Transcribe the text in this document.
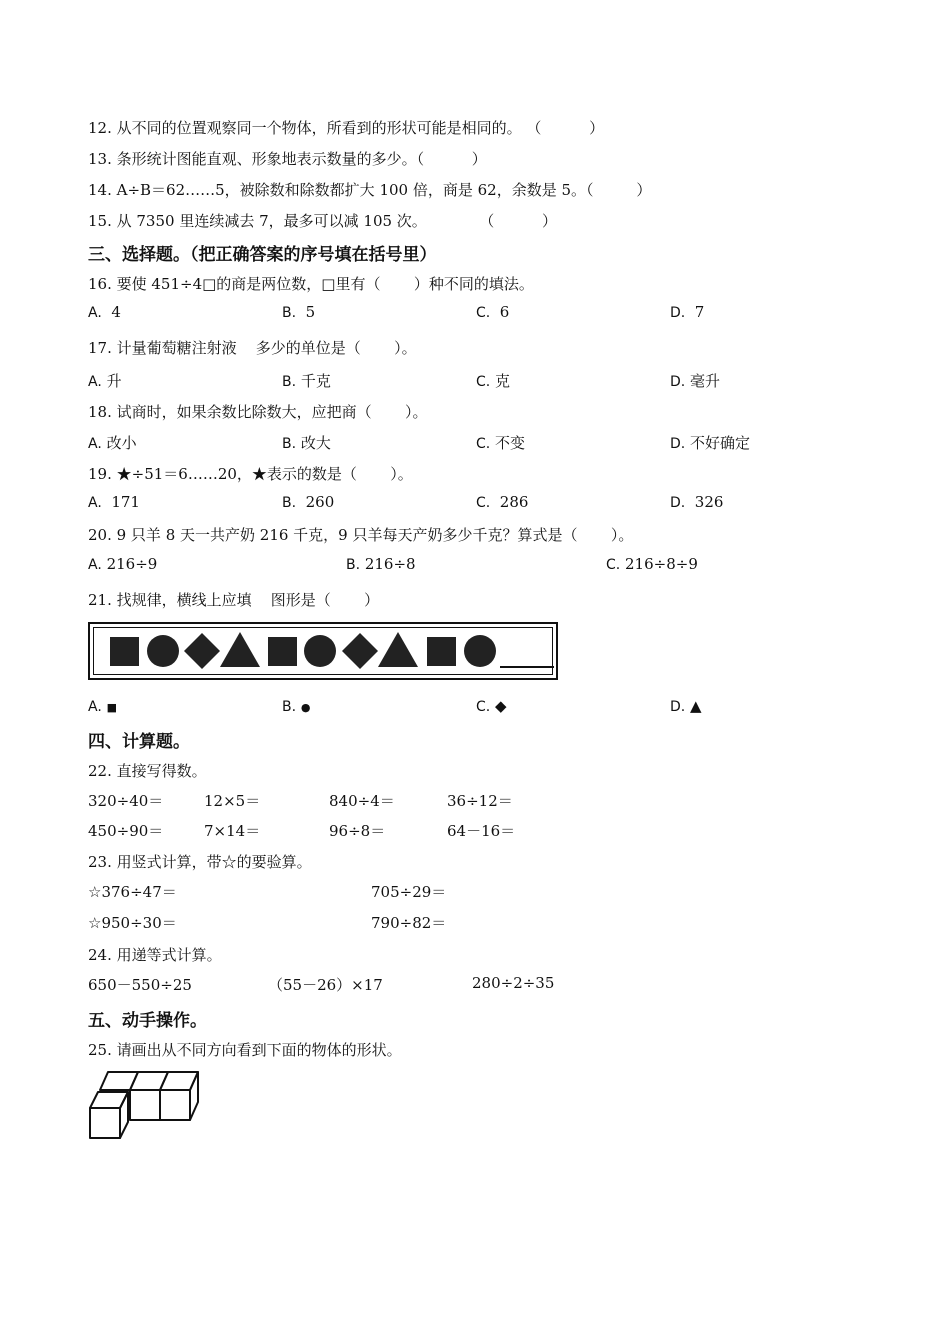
12. 从不同的位置观察同一个物体，所看到的形状可能是相同的。 （          ）
13. 条形统计图能直观、形象地表示数量的多少。（          ）
14. A÷B＝62……5，被除数和除数都扩大 100 倍，商是 62，余数是 5。（         ）
15. 从 7350 里连续减去 7，最多可以减 105 次。           （          ）
三、选择题。（把正确答案的序号填在括号里）
16. 要使 451÷4□的商是两位数，□里有（       ）种不同的填法。
A. 4	B. 5	C. 6	D. 7
17. 计量葡萄糖注射液    多少的单位是（       ）。
A. 升	B. 千克	C. 克	D. 毫升
18. 试商时，如果余数比除数大，应把商（       ）。
A. 改小	B. 改大	C. 不变	D. 不好确定
19. ★÷51＝6……20，★表示的数是（       ）。
A. 171	B. 260	C. 286	D. 326
20. 9 只羊 8 天一共产奶 216 千克，9 只羊每天产奶多少千克？算式是（       ）。
A. 216÷9	B. 216÷8	C. 216÷8÷9
21. 找规律，横线上应填    图形是（       ）
A. ■	B. ●	C. ◆	D. ▲
四、计算题。
22. 直接写得数。
320÷40＝	12×5＝	840÷4＝	36÷12＝
450÷90＝	7×14＝	96÷8＝	64－16＝
23. 用竖式计算，带☆的要验算。
☆376÷47＝	705÷29＝
☆950÷30＝	790÷82＝
24. 用递等式计算。
650－550÷25	（55－26）×17	280÷2÷35
五、动手操作。
25. 请画出从不同方向看到下面的物体的形状。
